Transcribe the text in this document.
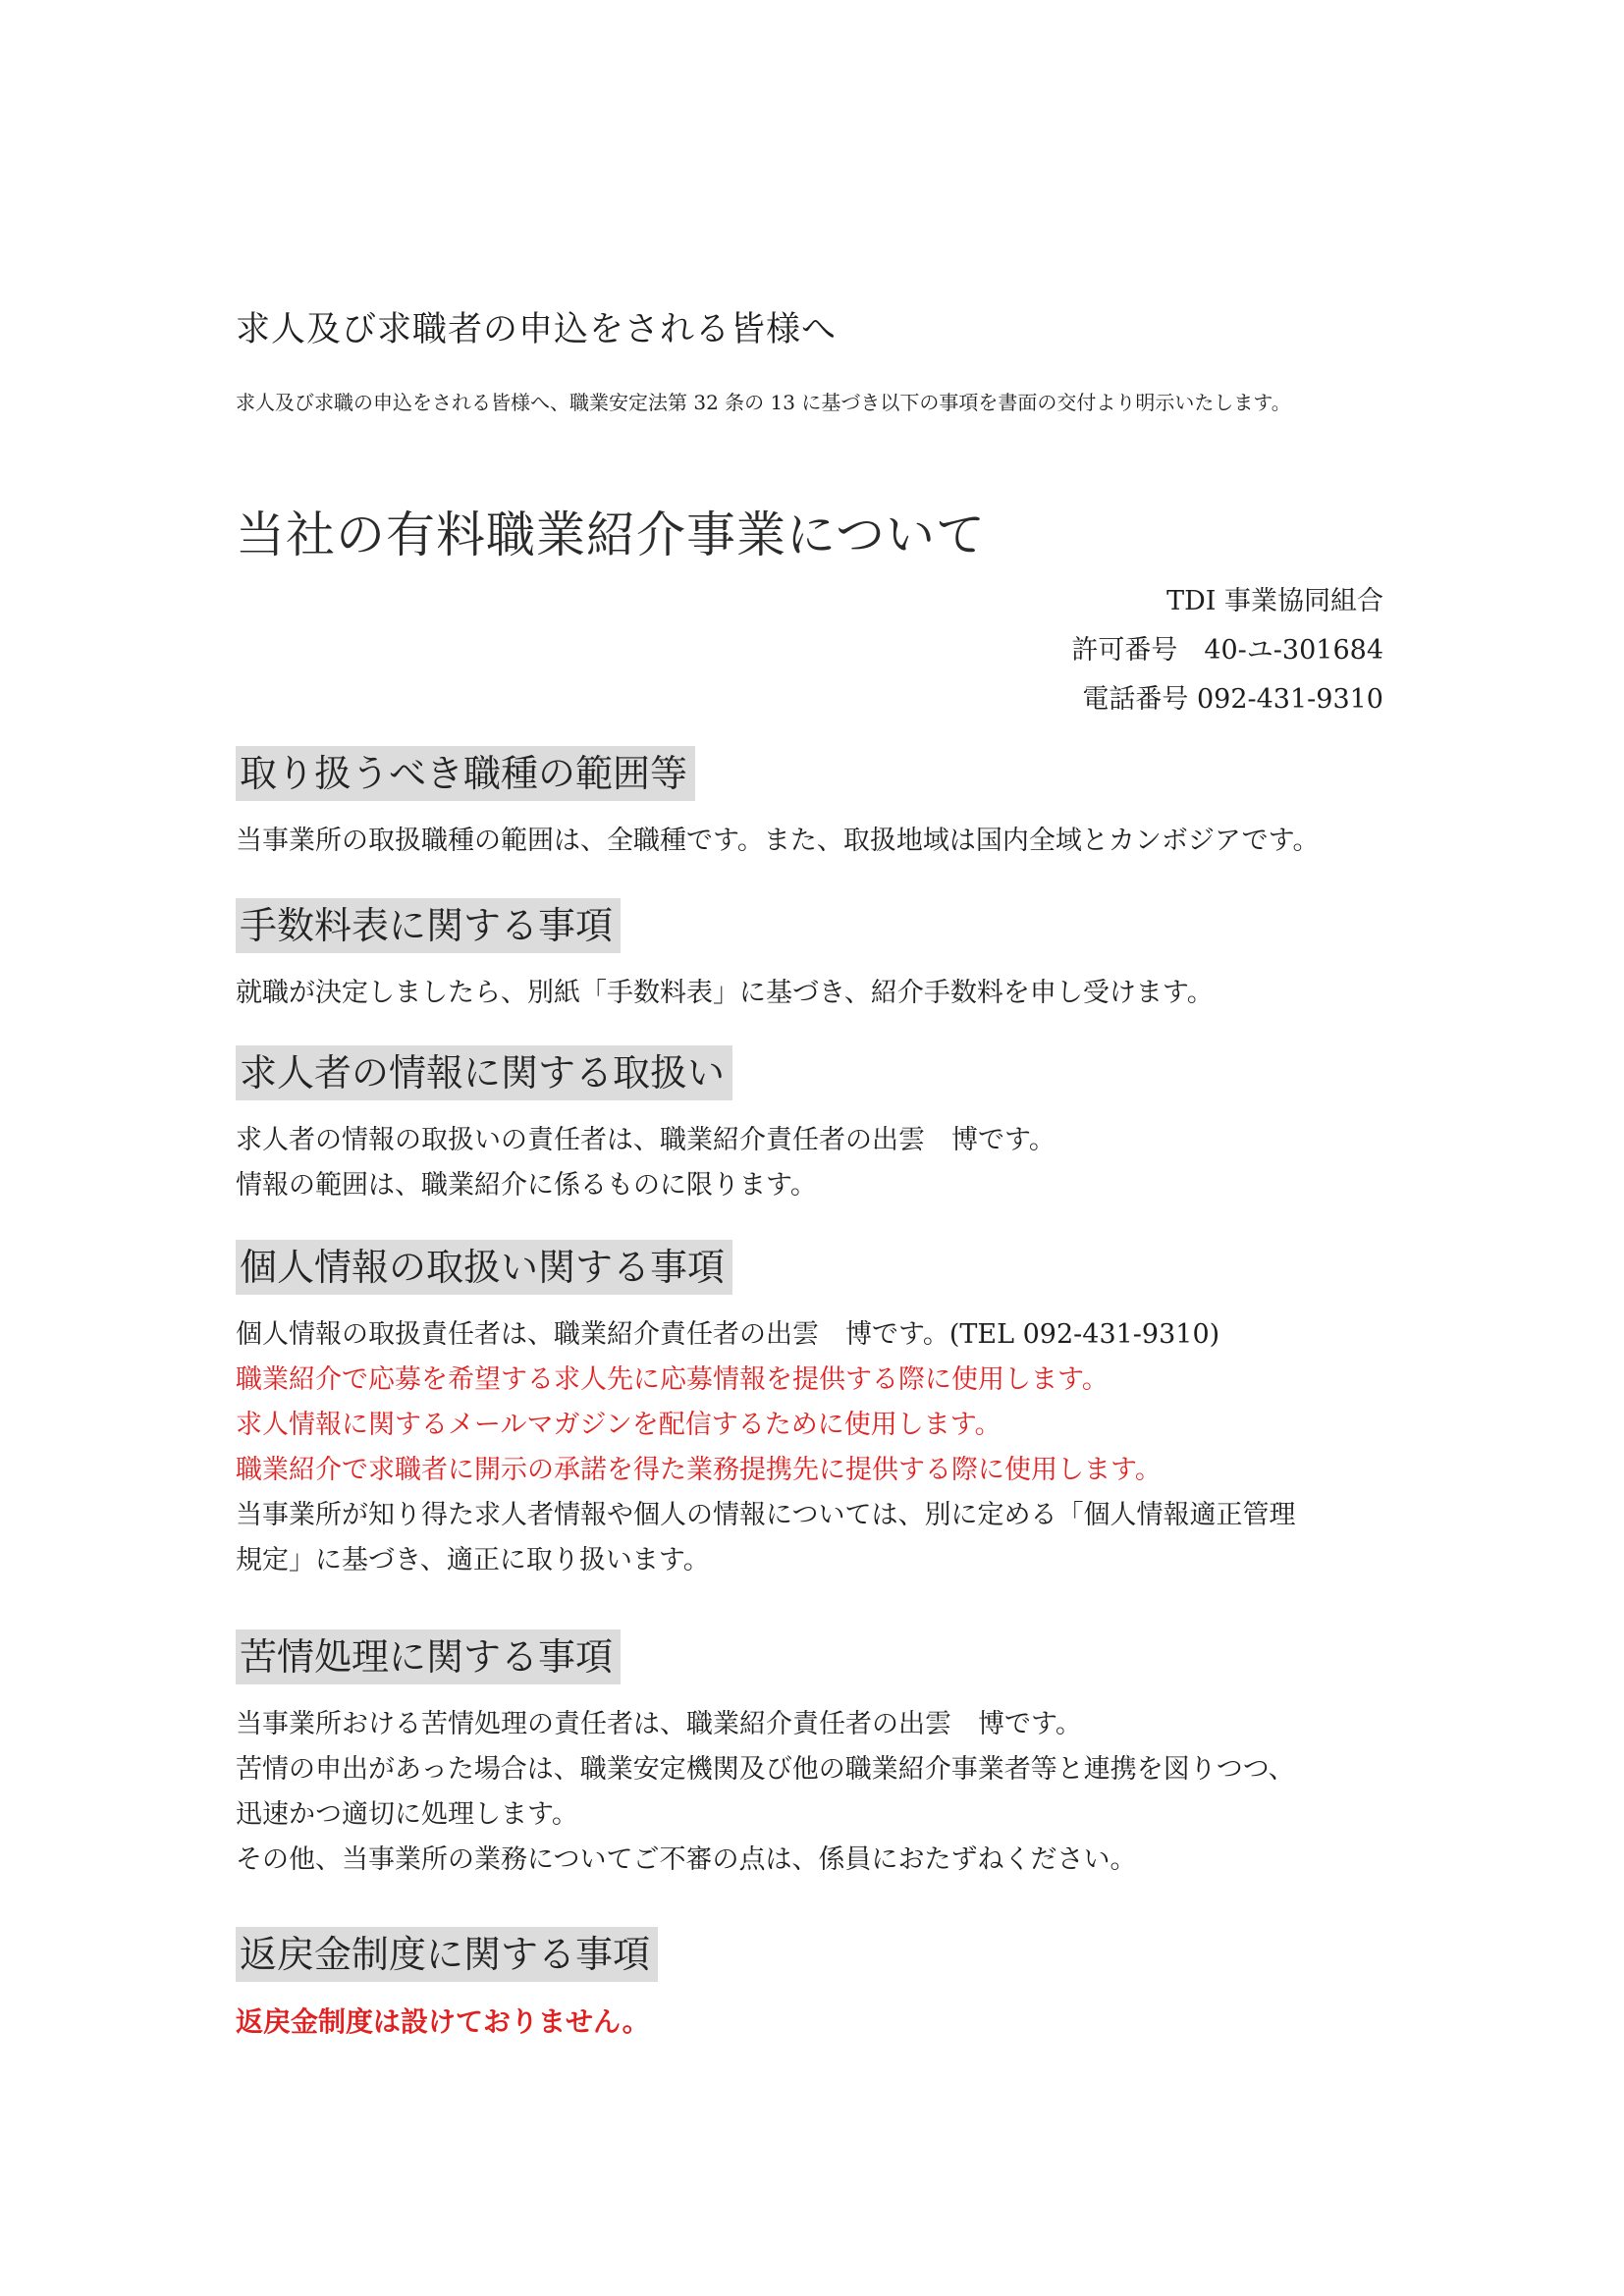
求人及び求職者の申込をされる皆様へ
求人及び求職の申込をされる皆様へ、職業安定法第 32 条の 13 に基づき以下の事項を書面の交付より明示いたします。
当社の有料職業紹介事業について
TDI 事業協同組合
許可番号　40-ユ-301684
電話番号 092-431-9310
取り扱うべき職種の範囲等
当事業所の取扱職種の範囲は、全職種です。また、取扱地域は国内全域とカンボジアです。
手数料表に関する事項
就職が決定しましたら、別紙「手数料表」に基づき、紹介手数料を申し受けます。
求人者の情報に関する取扱い
求人者の情報の取扱いの責任者は、職業紹介責任者の出雲　博です。
情報の範囲は、職業紹介に係るものに限ります。
個人情報の取扱い関する事項
個人情報の取扱責任者は、職業紹介責任者の出雲　博です。(TEL 092-431-9310)
職業紹介で応募を希望する求人先に応募情報を提供する際に使用します。
求人情報に関するメールマガジンを配信するために使用します。
職業紹介で求職者に開示の承諾を得た業務提携先に提供する際に使用します。
当事業所が知り得た求人者情報や個人の情報については、別に定める「個人情報適正管理
規定」に基づき、適正に取り扱います。
苦情処理に関する事項
当事業所おける苦情処理の責任者は、職業紹介責任者の出雲　博です。
苦情の申出があった場合は、職業安定機関及び他の職業紹介事業者等と連携を図りつつ、
迅速かつ適切に処理します。
その他、当事業所の業務についてご不審の点は、係員におたずねください。
返戻金制度に関する事項
返戻金制度は設けておりません。
